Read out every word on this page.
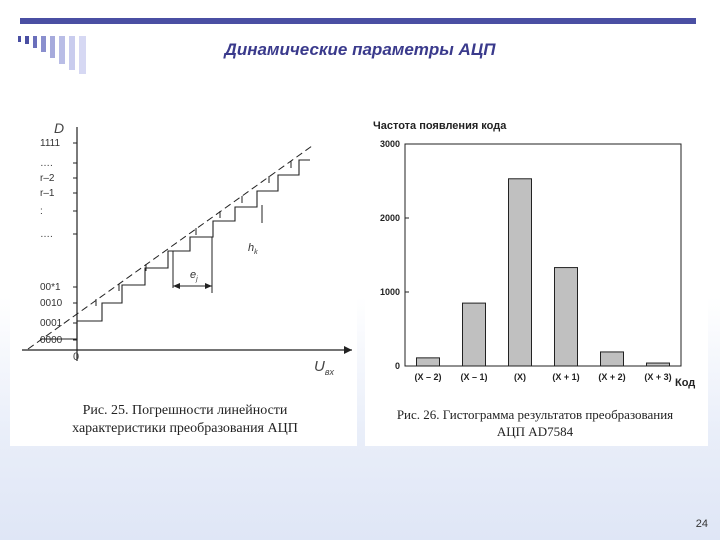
Динамические параметры АЦП
D
$U_{вх}$
0
1111
….
r–2
r–1
:
….
00*1
0010
0001
0000
$e_j$
$h_k$
Рис. 25. Погрешности линейности
характеристики преобразования АЦП
Частота появления кода
0
1000
2000
3000
(X – 2) (X – 1)	(X)	(X + 1) (X + 2) (X + 3) Код
Рис. 26. Гистограмма результатов преобразования
АЦП AD7584
24
